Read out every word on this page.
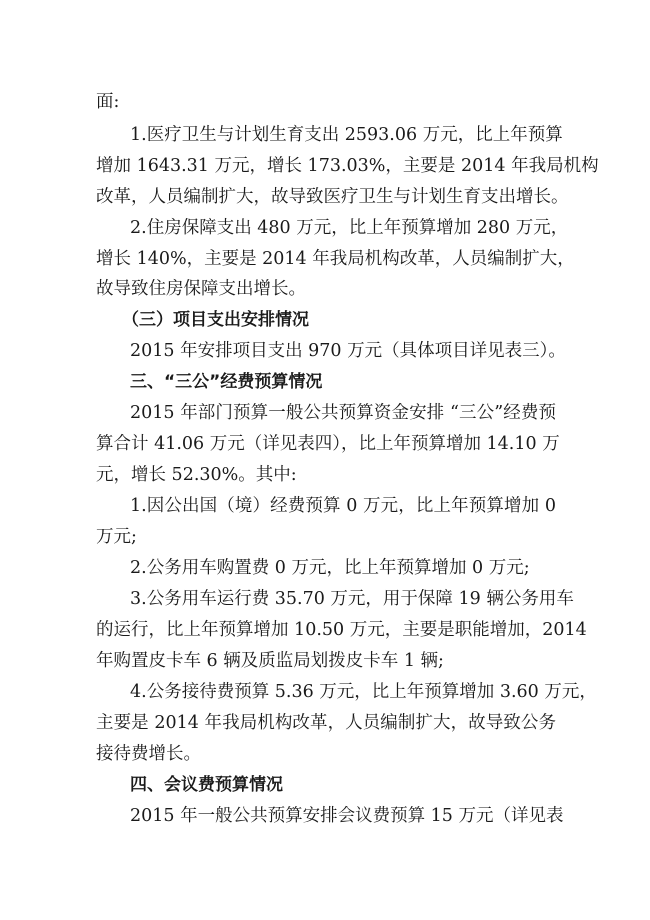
面:
1.医疗卫生与计划生育支出 2593.06 万元，比上年预算
增加 1643.31 万元，增长 173.03%，主要是 2014 年我局机构
改革，人员编制扩大，故导致医疗卫生与计划生育支出增长。
2.住房保障支出 480 万元，比上年预算增加 280 万元，
增长 140%，主要是 2014 年我局机构改革，人员编制扩大，
故导致住房保障支出增长。
（三）项目支出安排情况
2015 年安排项目支出 970 万元（具体项目详见表三）。
三、“三公”经费预算情况
2015 年部门预算一般公共预算资金安排 “三公”经费预
算合计 41.06 万元（详见表四），比上年预算增加 14.10 万
元，增长 52.30%。其中:
1.因公出国（境）经费预算 0 万元，比上年预算增加 0
万元;
2.公务用车购置费 0 万元，比上年预算增加 0 万元;
3.公务用车运行费 35.70 万元，用于保障 19 辆公务用车
的运行，比上年预算增加 10.50 万元，主要是职能增加，2014
年购置皮卡车 6 辆及质监局划拨皮卡车 1 辆;
4.公务接待费预算 5.36 万元，比上年预算增加 3.60 万元，
主要是 2014 年我局机构改革，人员编制扩大，故导致公务
接待费增长。
四、会议费预算情况
2015 年一般公共预算安排会议费预算 15 万元（详见表
